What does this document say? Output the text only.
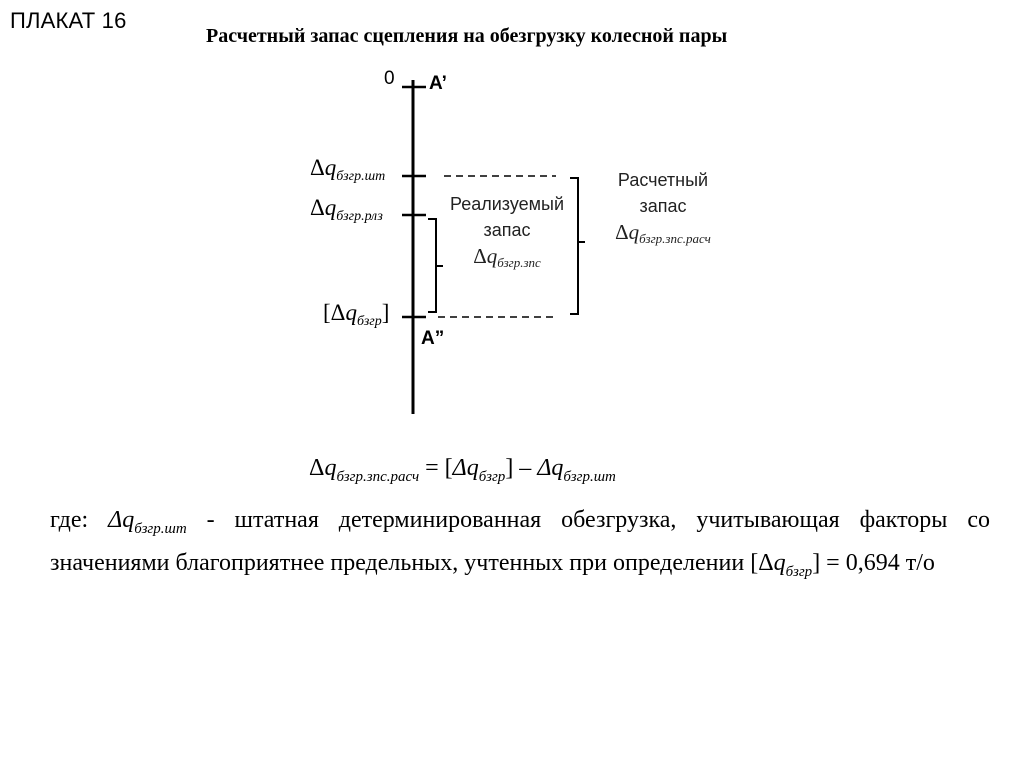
ПЛАКАТ 16
Расчетный запас сцепления на обезгрузку колесной пары
0 A’
A”
$\Delta q_{бзгр.шт}$
$\Delta q_{бзгр.рлз}$
$[\Delta q_{бзгр}]$
Реализуемый
запас
$\Delta q_{бзгр.зпс}$
Расчетный
запас
$\Delta q_{бзгр.зпс.расч}$
$\Delta q_{бзгр.зпс.расч} = [\Delta q_{бзгр}] - \Delta q_{бзгр.шт}$
где: $\Delta q_{бзгр.шт}$ - штатная детерминированная обезгрузка, учитывающая факторы со значениями благоприятнее предельных, учтенных при определении $[\Delta q_{бзгр}] = 0,694$ т/о
